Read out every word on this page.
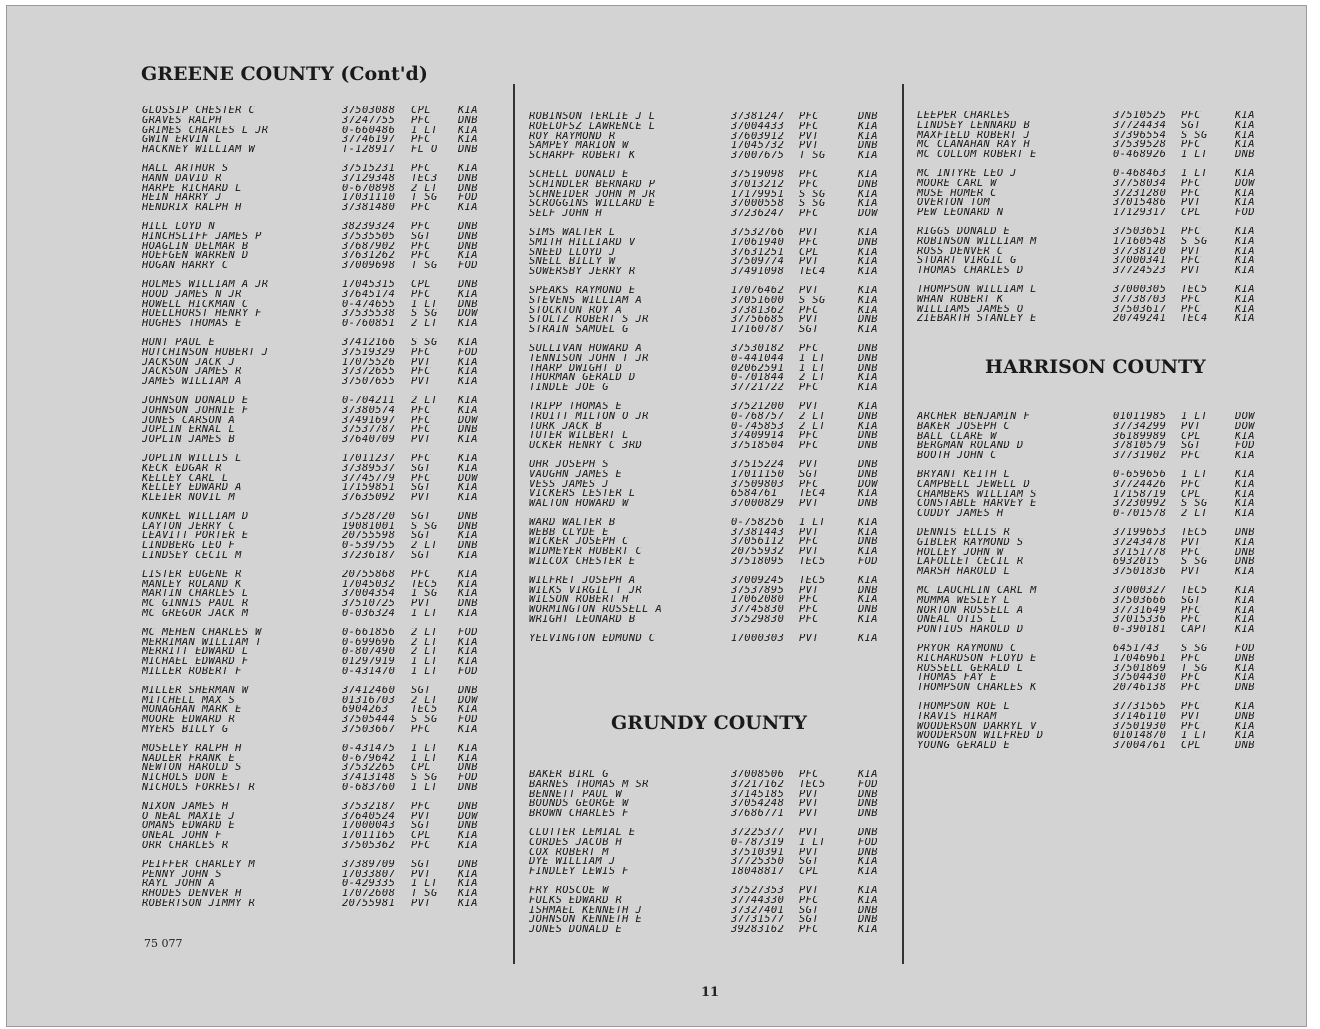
GREENE COUNTY (Cont'd)
HARRISON COUNTY
GRUNDY COUNTY
GLOSSIP CHESTER C	37503088	CPL	KIA
GRAVES RALPH	37247755	PFC	DNB
GRIMES CHARLES L JR	0-660486	1 LT	KIA
GWIN ERVIN L	37746197	PFC	KIA
HACKNEY WILLIAM W	T-128917	FL O	DNB
HALL ARTHUR S	37515231	PFC	KIA
HANN DAVID R	37129348	TEC3	DNB
HARPE RICHARD L	0-670898	2 LT	DNB
HEIN HARRY J	17031110	T SG	FOD
HENDRIX RALPH H	37381480	PFC	KIA
HILL LOYD N	38239324	PFC	DNB
HINCHSLIFF JAMES P	37535505	SGT	DNB
HOAGLIN DELMAR B	37687902	PFC	DNB
HOEFGEN WARREN D	37631262	PFC	KIA
HOGAN HARRY C	37009698	T SG	FOD
HOLMES WILLIAM A JR	17045315	CPL	DNB
HOOD JAMES N JR	37645174	PFC	KIA
HOWELL HICKMAN C	0-474655	1 LT	DNB
HUELLHORST HENRY F	37535538	S SG	DOW
HUGHES THOMAS E	0-760851	2 LT	KIA
HUNT PAUL E	37412166	S SG	KIA
HUTCHINSON HUBERT J	37519329	PFC	FOD
JACKSON JACK J	17075526	PVT	KIA
JACKSON JAMES R	37372655	PFC	KIA
JAMES WILLIAM A	37507655	PVT	KIA
JOHNSON DONALD E	0-704211	2 LT	KIA
JOHNSON JOHNIE F	37380574	PFC	KIA
JONES CARSON A	37491697	PFC	DOW
JOPLIN ERNAL L	37537787	PFC	DNB
JOPLIN JAMES B	37640709	PVT	KIA
JOPLIN WILLIS L	17011237	PFC	KIA
KECK EDGAR R	37389537	SGT	KIA
KELLEY CARL L	37745779	PFC	DOW
KELLEY EDWARD A	17159851	SGT	KIA
KLEIER NOVIL M	37635092	PVT	KIA
KUNKEL WILLIAM D	37528720	SGT	DNB
LAYTON JERRY C	19081001	S SG	DNB
LEAVITT PORTER E	20755598	SGT	KIA
LINDBERG LEO F	0-539755	2 LT	DNB
LINDSEY CECIL M	37236187	SGT	KIA
LISTER EUGENE R	20755868	PFC	KIA
MANLEY ROLAND K	17045032	TEC5	KIA
MARTIN CHARLES L	37004354	1 SG	KIA
MC GINNIS PAUL R	37510725	PVT	DNB
MC GREGOR JACK M	0-036324	1 LT	KIA
MC MEHEN CHARLES W	0-661856	2 LT	FOD
MERRIMAN WILLIAM T	0-699696	2 LT	KIA
MERRITT EDWARD L	0-807490	2 LT	KIA
MICHAEL EDWARD F	01297919	1 LT	KIA
MILLER ROBERT F	0-431470	1 LT	FOD
MILLER SHERMAN W	37412460	SGT	DNB
MITCHELL MAX S	01316703	2 LT	DOW
MONAGHAN MARK E	6904263	TEC5	KIA
MOORE EDWARD R	37505444	S SG	FOD
MYERS BILLY G	37503667	PFC	KIA
MOSELEY RALPH H	0-431475	1 LT	KIA
NADLER FRANK E	0-679642	1 LT	KIA
NEWTON HAROLD S	37532265	CPL	DNB
NICHOLS DON E	37413148	S SG	FOD
NICHOLS FORREST R	0-683760	1 LT	DNB
NIXON JAMES H	37532187	PFC	DNB
O NEAL MAXIE J	37640524	PVT	DOW
OMANS EDWARD E	17000043	SGT	DNB
ONEAL JOHN F	17011165	CPL	KIA
ORR CHARLES R	37505362	PFC	KIA
PEIFFER CHARLEY M	37389709	SGT	DNB
PENNY JOHN S	17033807	PVT	KIA
RAYL JOHN A	0-429335	1 LT	KIA
RHODES DENVER H	17072608	T SG	KIA
ROBERTSON JIMMY R	20755981	PVT	KIA
ROBINSON TERLIE J L	37381247	PFC	DNB
ROELOFSZ LAWRENCE L	37004433	PFC	KIA
ROY RAYMOND R	37603912	PVT	KIA
SAMPEY MARION W	17045732	PVT	DNB
SCHARPF ROBERT K	37007675	T SG	KIA
SCHELL DONALD E	37519098	PFC	KIA
SCHINDLER BERNARD P	37013212	PFC	DNB
SCHNEIDER JOHN M JR	17179951	S SG	KIA
SCROGGINS WILLARD E	37000558	S SG	KIA
SELF JOHN H	37236247	PFC	DOW
SIMS WALTER L	37532766	PVT	KIA
SMITH HILLIARD V	17061940	PFC	DNB
SNEED LLOYD J	37631251	CPL	KIA
SNELL BILLY W	37509774	PVT	KIA
SOWERSBY JERRY R	37491098	TEC4	KIA
SPEAKS RAYMOND E	17076462	PVT	KIA
STEVENS WILLIAM A	37051600	S SG	KIA
STOCKTON ROY A	37381362	PFC	KIA
STOLTZ ROBERT S JR	37756685	PVT	DNB
STRAIN SAMUEL G	17160787	SGT	KIA
SULLIVAN HOWARD A	37530182	PFC	DNB
TENNISON JOHN T JR	0-441044	1 LT	DNB
THARP DWIGHT D	02062591	1 LT	DNB
THURMAN GERALD D	0-701844	2 LT	KIA
TINDLE JOE G	37721722	PFC	KIA
TRIPP THOMAS E	37521200	PVT	KIA
TRUITT MILTON O JR	0-768757	2 LT	DNB
TURK JACK B	0-745853	2 LT	KIA
TUTER WILBERT L	37409914	PFC	DNB
UCKER HENRY C 3RD	37518504	PFC	DNB
UHR JOSEPH S	37515224	PVT	DNB
VAUGHN JAMES E	17011150	SGT	DNB
VESS JAMES J	37509803	PFC	DOW
VICKERS LESTER L	6584761	TEC4	KIA
WALTON HOWARD W	37000829	PVT	DNB
WARD WALTER B	0-758256	1 LT	KIA
WEBB CLYDE E	37381443	PVT	KIA
WICKER JOSEPH C	37056112	PFC	DNB
WIDMEYER HUBERT C	20755932	PVT	KIA
WILCOX CHESTER E	37518095	TEC5	FOD
WILFRET JOSEPH A	37009245	TEC5	KIA
WILKS VIRGIL T JR	37537895	PVT	DNB
WILSON ROBERT H	17062080	PFC	KIA
WORMINGTON RUSSELL A	37745830	PFC	DNB
WRIGHT LEONARD B	37529830	PFC	KIA
YELVINGTON EDMUND C	17000303	PVT	KIA
BAKER BIRL G	37008506	PFC	KIA
BARNES THOMAS M SR	37217162	TEC5	FOD
BENNETT PAUL W	37145185	PVT	DNB
BOUNDS GEORGE W	37054248	PVT	DNB
BROWN CHARLES F	37686771	PVT	DNB
CLUTTER LEMIAL E	37225377	PVT	DNB
CORDES JACOB H	0-787319	1 LT	FOD
COX ROBERT M	37510391	PVT	DNB
DYE WILLIAM J	37725350	SGT	KIA
FINDLEY LEWIS F	18048817	CPL	KIA
FRY ROSCOE W	37527353	PVT	KIA
FULKS EDWARD R	37744330	PFC	KIA
ISHMAEL KENNETH J	37327401	SGT	DNB
JOHNSON KENNETH E	37731577	SGT	DNB
JONES DONALD E	39283162	PFC	KIA
LEEPER CHARLES	37510525	PFC	KIA
LINDSEY LENNARD B	37724434	SGT	KIA
MAXFIELD ROBERT J	37396554	S SG	KIA
MC CLANAHAN RAY H	37539528	PFC	KIA
MC COLLOM ROBERT E	0-468926	1 LT	DNB
MC INTYRE LEO J	0-468463	1 LT	KIA
MOORE CARL W	37758034	PFC	DOW
MUSE HOMER C	37231280	PFC	KIA
OVERTON TOM	37015486	PVT	KIA
PEW LEONARD N	17129317	CPL	FOD
RIGGS DONALD E	37503651	PFC	KIA
ROBINSON WILLIAM M	17160548	S SG	KIA
ROSS DENVER C	37738120	PVT	KIA
STUART VIRGIL G	37000341	PFC	KIA
THOMAS CHARLES D	37724523	PVT	KIA
THOMPSON WILLIAM L	37000305	TEC5	KIA
WHAN ROBERT K	37738703	PFC	KIA
WILLIAMS JAMES O	37503617	PFC	KIA
ZIEBARTH STANLEY E	20749241	TEC4	KIA
ARCHER BENJAMIN F	01011985	1 LT	DOW
BAKER JOSEPH C	37734299	PVT	DOW
BALL CLARE W	36189989	CPL	KIA
BERGMAN ROLAND D	37810579	SGT	FOD
BOOTH JOHN C	37731902	PFC	KIA
BRYANT KEITH L	0-659656	1 LT	KIA
CAMPBELL JEWELL D	37724426	PFC	KIA
CHAMBERS WILLIAM S	17158719	CPL	KIA
CONSTABLE HARVEY E	37230992	S SG	KIA
CUDDY JAMES H	0-701578	2 LT	KIA
DENNIS ELLIS R	37199653	TEC5	DNB
GIBLER RAYMOND S	37243478	PVT	KIA
HOLLEY JOHN W	37151778	PFC	DNB
LAFOLLET CECIL R	6932015	S SG	DNB
MARSH HAROLD L	37501836	PVT	KIA
MC LAUCHLIN CARL M	37000327	TEC5	KIA
MUMMA WESLEY L	37503666	SGT	KIA
NORTON RUSSELL A	37731649	PFC	KIA
ONEAL OTIS L	37015336	PFC	KIA
PONTIUS HAROLD D	0-390181	CAPT	KIA
PRYOR RAYMOND C	6451743	S SG	FOD
RICHARDSON FLOYD E	17046961	PFC	DNB
RUSSELL GERALD L	37501869	T SG	KIA
THOMAS FAY E	37504430	PFC	KIA
THOMPSON CHARLES K	20746138	PFC	DNB
THOMPSON ROE L	37731565	PFC	KIA
TRAVIS HIRAM	37146110	PVT	DNB
WOODERSON DARRYL V	37501930	PFC	KIA
WOODERSON WILFRED D	01014870	1 LT	KIA
YOUNG GERALD E	37004761	CPL	DNB
75 077
11
